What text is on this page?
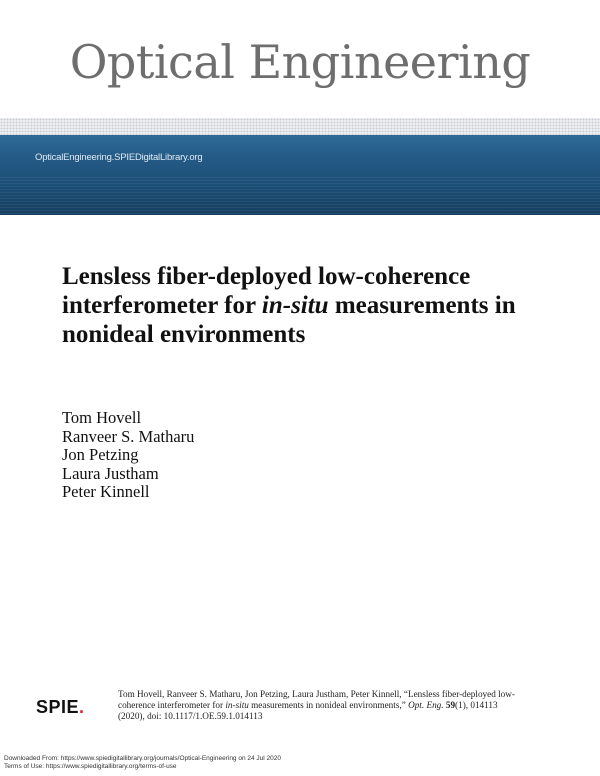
Optical Engineering
OpticalEngineering.SPIEDigitalLibrary.org
Lensless fiber-deployed low-coherence interferometer for in-situ measurements in nonideal environments
Tom Hovell
Ranveer S. Matharu
Jon Petzing
Laura Justham
Peter Kinnell
SPIE.
Tom Hovell, Ranveer S. Matharu, Jon Petzing, Laura Justham, Peter Kinnell, “Lensless fiber-deployed low-coherence interferometer for in-situ measurements in nonideal environments,” Opt. Eng. 59(1), 014113 (2020), doi: 10.1117/1.OE.59.1.014113
Downloaded From: https://www.spiedigitallibrary.org/journals/Optical-Engineering on 24 Jul 2020
Terms of Use: https://www.spiedigitallibrary.org/terms-of-use
